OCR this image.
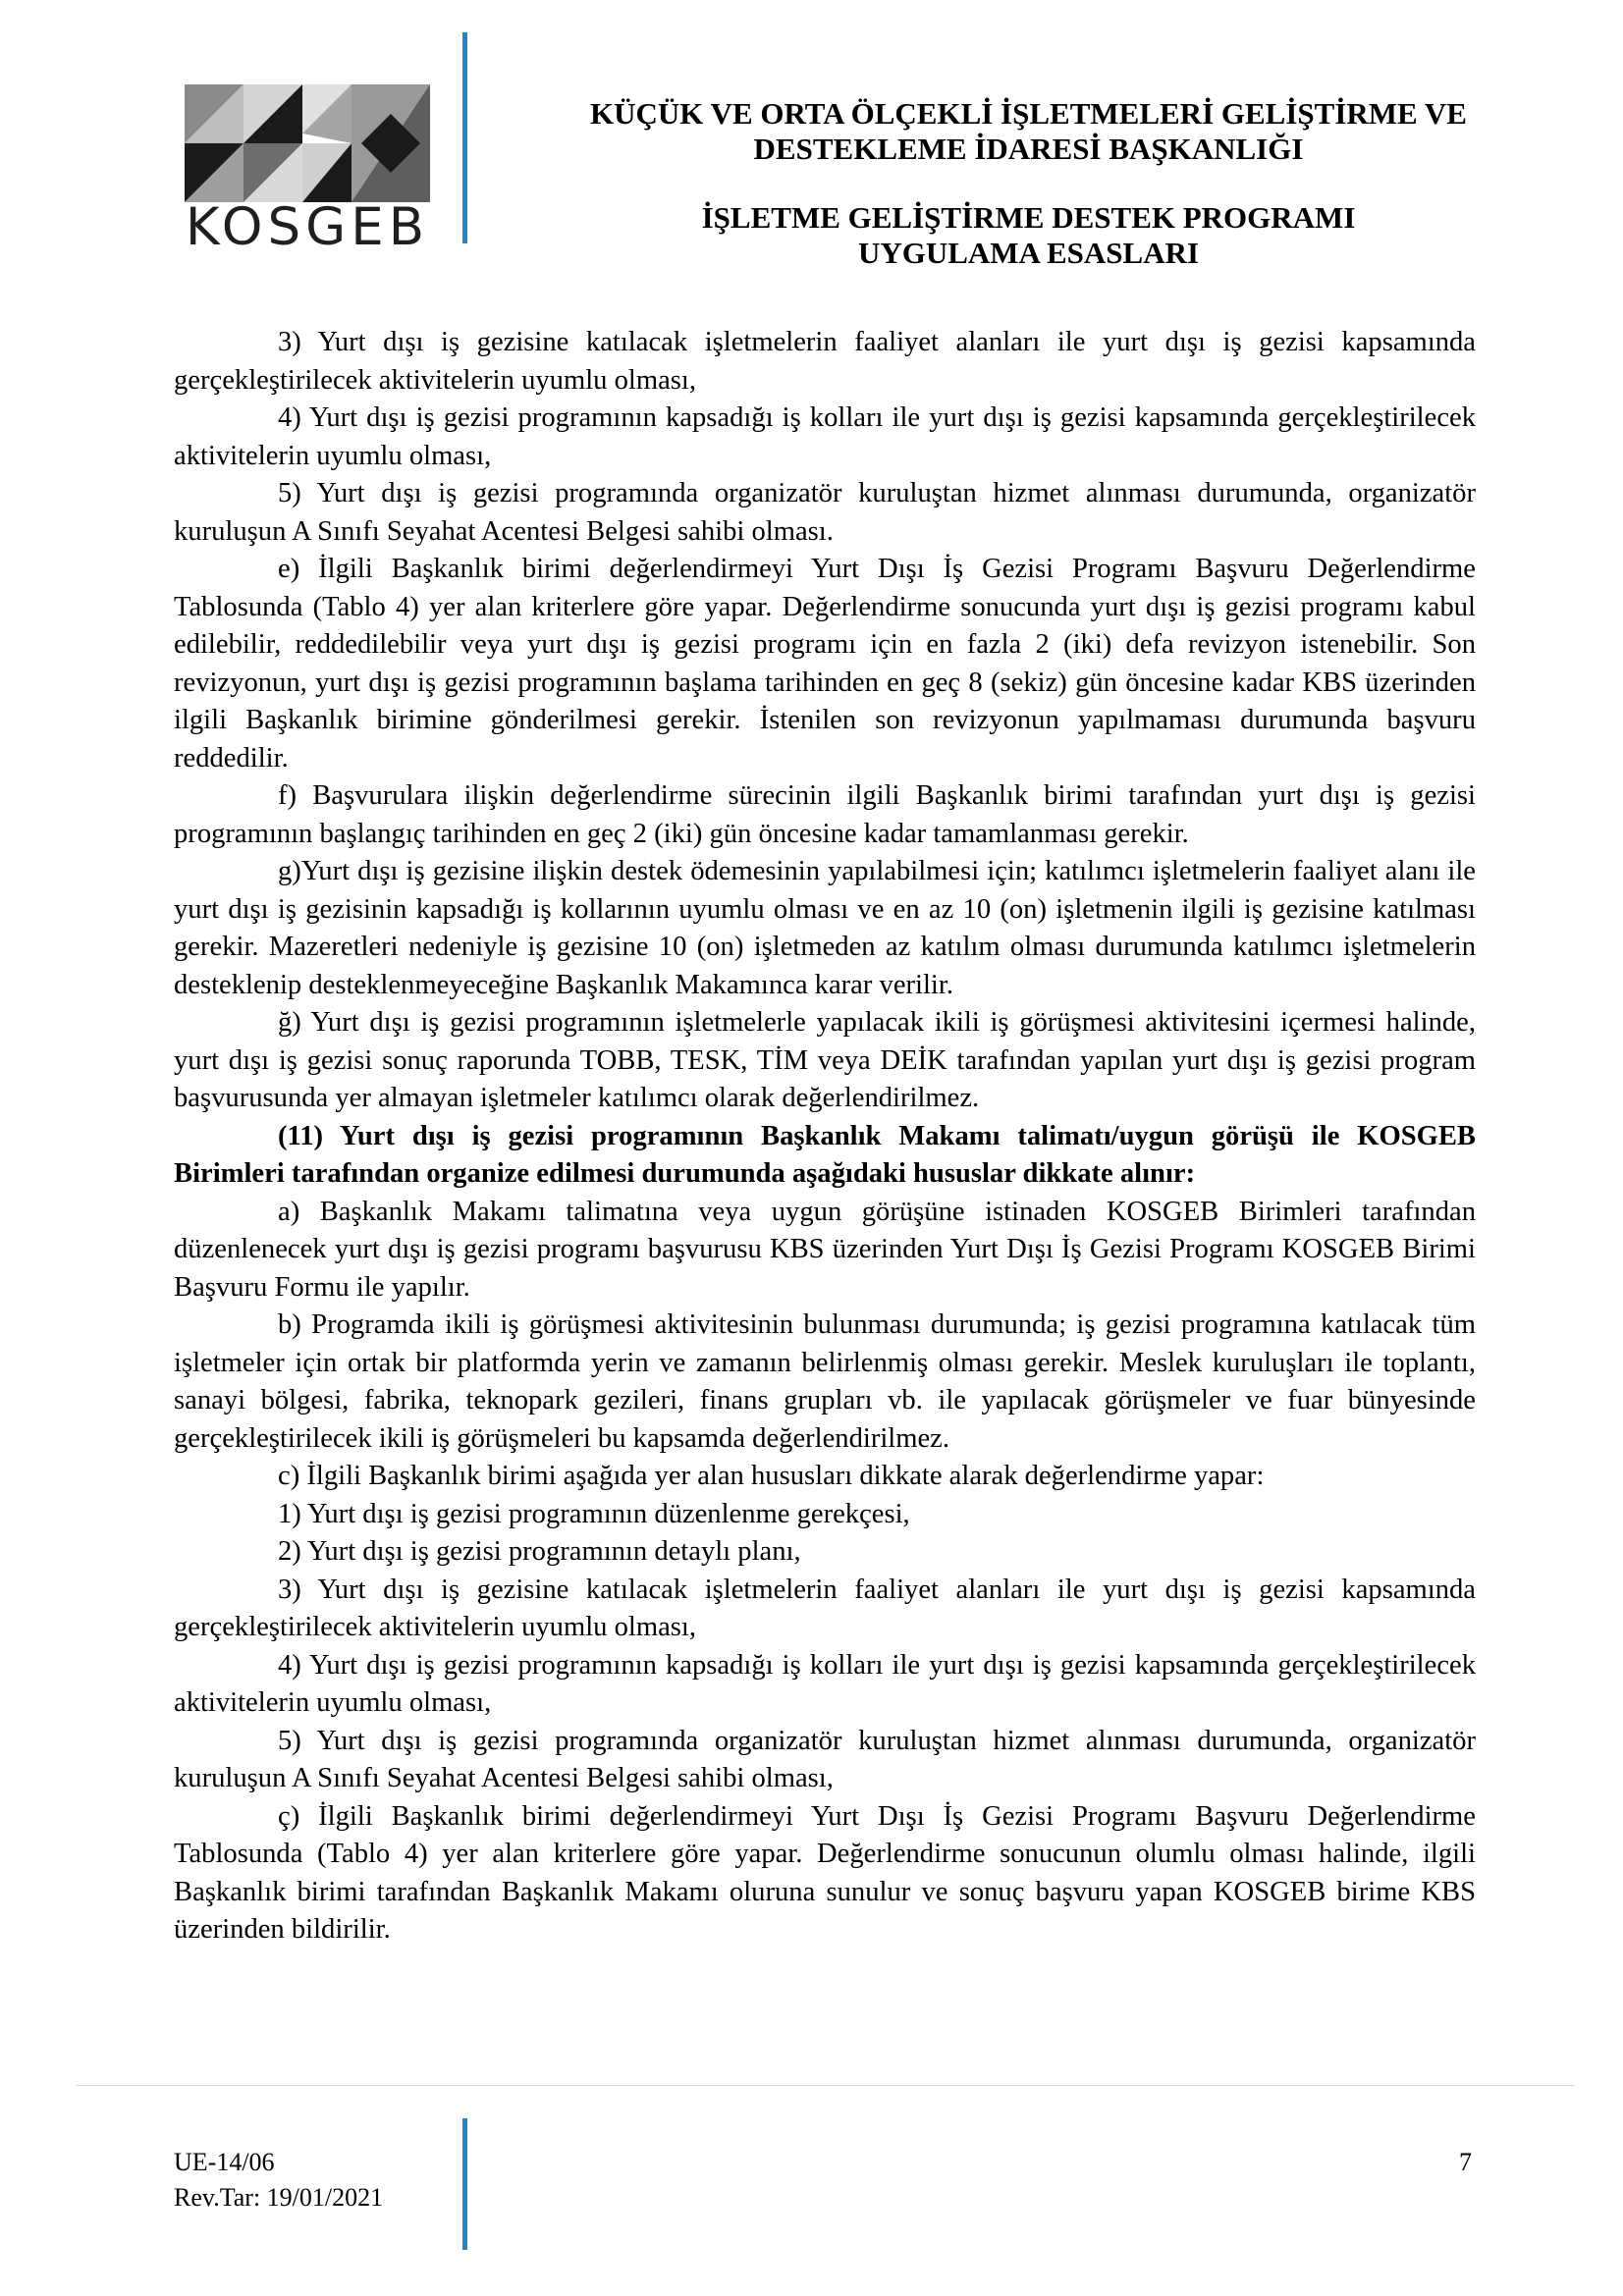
KOSGEB
KÜÇÜK VE ORTA ÖLÇEKLİ İŞLETMELERİ GELİŞTİRME VE
DESTEKLEME İDARESİ BAŞKANLIĞI
İŞLETME GELİŞTİRME DESTEK PROGRAMI
UYGULAMA ESASLARI

3) Yurt dışı iş gezisine katılacak işletmelerin faaliyet alanları ile yurt dışı iş gezisi kapsamında gerçekleştirilecek aktivitelerin uyumlu olması,

4) Yurt dışı iş gezisi programının kapsadığı iş kolları ile yurt dışı iş gezisi kapsamında gerçekleştirilecek aktivitelerin uyumlu olması,

5) Yurt dışı iş gezisi programında organizatör kuruluştan hizmet alınması durumunda, organizatör kuruluşun A Sınıfı Seyahat Acentesi Belgesi sahibi olması.

e) İlgili Başkanlık birimi değerlendirmeyi Yurt Dışı İş Gezisi Programı Başvuru Değerlendirme Tablosunda (Tablo 4) yer alan kriterlere göre yapar. Değerlendirme sonucunda yurt dışı iş gezisi programı kabul edilebilir, reddedilebilir veya yurt dışı iş gezisi programı için en fazla 2 (iki) defa revizyon istenebilir. Son revizyonun, yurt dışı iş gezisi programının başlama tarihinden en geç 8 (sekiz) gün öncesine kadar KBS üzerinden ilgili Başkanlık birimine gönderilmesi gerekir. İstenilen son revizyonun yapılmaması durumunda başvuru reddedilir.

f) Başvurulara ilişkin değerlendirme sürecinin ilgili Başkanlık birimi tarafından yurt dışı iş gezisi programının başlangıç tarihinden en geç 2 (iki) gün öncesine kadar tamamlanması gerekir.

g)Yurt dışı iş gezisine ilişkin destek ödemesinin yapılabilmesi için; katılımcı işletmelerin faaliyet alanı ile yurt dışı iş gezisinin kapsadığı iş kollarının uyumlu olması ve en az 10 (on) işletmenin ilgili iş gezisine katılması gerekir. Mazeretleri nedeniyle iş gezisine 10 (on) işletmeden az katılım olması durumunda katılımcı işletmelerin desteklenip desteklenmeyeceğine Başkanlık Makamınca karar verilir.

ğ) Yurt dışı iş gezisi programının işletmelerle yapılacak ikili iş görüşmesi aktivitesini içermesi halinde, yurt dışı iş gezisi sonuç raporunda TOBB, TESK, TİM veya DEİK tarafından yapılan yurt dışı iş gezisi program başvurusunda yer almayan işletmeler katılımcı olarak değerlendirilmez.

(11) Yurt dışı iş gezisi programının Başkanlık Makamı talimatı/uygun görüşü ile KOSGEB Birimleri tarafından organize edilmesi durumunda aşağıdaki hususlar dikkate alınır:

a) Başkanlık Makamı talimatına veya uygun görüşüne istinaden KOSGEB Birimleri tarafından düzenlenecek yurt dışı iş gezisi programı başvurusu KBS üzerinden Yurt Dışı İş Gezisi Programı KOSGEB Birimi Başvuru Formu ile yapılır.

b) Programda ikili iş görüşmesi aktivitesinin bulunması durumunda; iş gezisi programına katılacak tüm işletmeler için ortak bir platformda yerin ve zamanın belirlenmiş olması gerekir. Meslek kuruluşları ile toplantı, sanayi bölgesi, fabrika, teknopark gezileri, finans grupları vb. ile yapılacak görüşmeler ve fuar bünyesinde gerçekleştirilecek ikili iş görüşmeleri bu kapsamda değerlendirilmez.

c) İlgili Başkanlık birimi aşağıda yer alan hususları dikkate alarak değerlendirme yapar:

1) Yurt dışı iş gezisi programının düzenlenme gerekçesi,

2) Yurt dışı iş gezisi programının detaylı planı,

3) Yurt dışı iş gezisine katılacak işletmelerin faaliyet alanları ile yurt dışı iş gezisi kapsamında gerçekleştirilecek aktivitelerin uyumlu olması,

4) Yurt dışı iş gezisi programının kapsadığı iş kolları ile yurt dışı iş gezisi kapsamında gerçekleştirilecek aktivitelerin uyumlu olması,

5) Yurt dışı iş gezisi programında organizatör kuruluştan hizmet alınması durumunda, organizatör kuruluşun A Sınıfı Seyahat Acentesi Belgesi sahibi olması,

ç) İlgili Başkanlık birimi değerlendirmeyi Yurt Dışı İş Gezisi Programı Başvuru Değerlendirme Tablosunda (Tablo 4) yer alan kriterlere göre yapar. Değerlendirme sonucunun olumlu olması halinde, ilgili Başkanlık birimi tarafından Başkanlık Makamı oluruna sunulur ve sonuç başvuru yapan KOSGEB birime KBS üzerinden bildirilir.

UE-14/06
Rev.Tar: 19/01/2021
7
